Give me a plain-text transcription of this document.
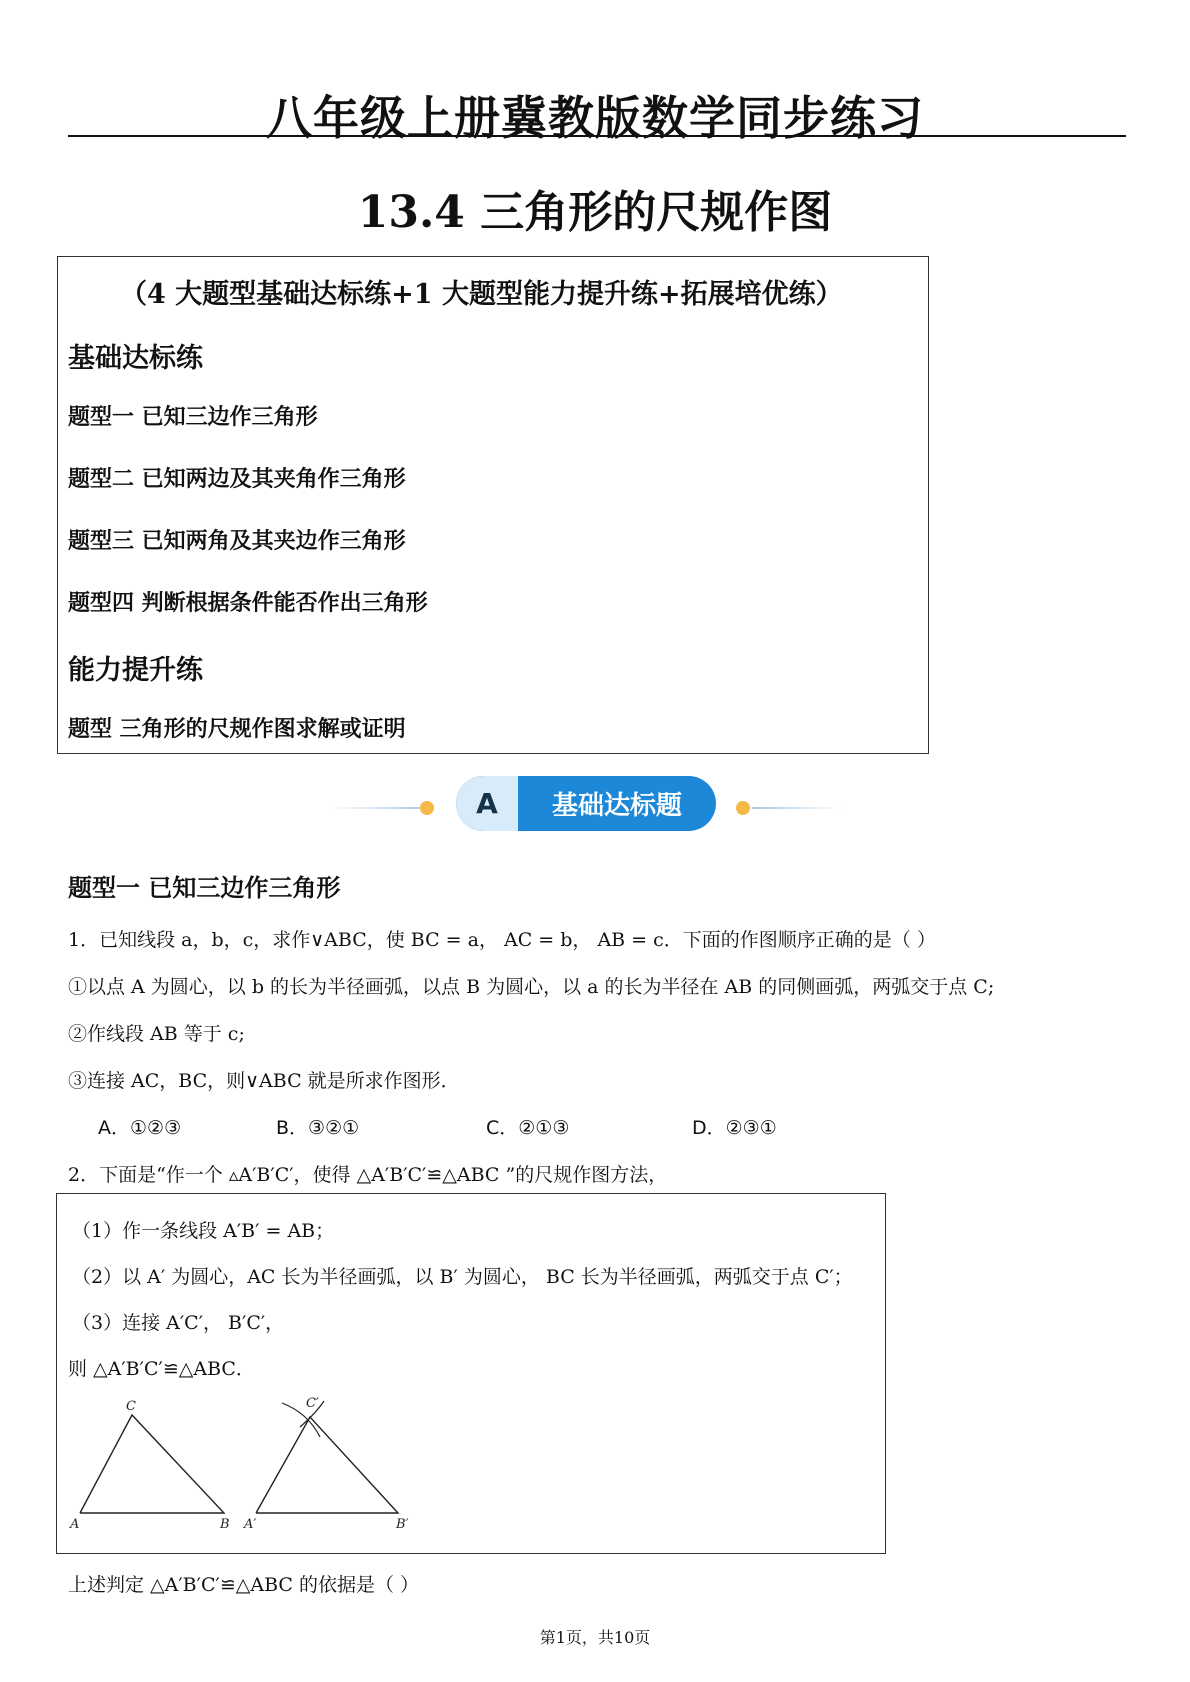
八年级上册冀教版数学同步练习
13.4 三角形的尺规作图
（4 大题型基础达标练+1 大题型能力提升练+拓展培优练）
基础达标练
题型一 已知三边作三角形
题型二 已知两边及其夹角作三角形
题型三 已知两角及其夹边作三角形
题型四 判断根据条件能否作出三角形
能力提升练
题型 三角形的尺规作图求解或证明
A	基础达标题
题型一 已知三边作三角形
1．已知线段 a，b，c，求作∨ABC，使 BC = a， AC = b， AB = c．下面的作图顺序正确的是（ ）
①以点 A 为圆心，以 b 的长为半径画弧，以点 B 为圆心，以 a 的长为半径在 AB 的同侧画弧，两弧交于点 C;
②作线段 AB 等于 c;
③连接 AC，BC，则∨ABC 就是所求作图形．
A．①②③	B．③②①	C．②①③	D．②③①
2．下面是“作一个 ▵A′B′C′，使得 △A′B′C′≌△ABC ”的尺规作图方法，
（1）作一条线段 A′B′ = AB；
（2）以 A′ 为圆心，AC 长为半径画弧，以 B′ 为圆心， BC 长为半径画弧，两弧交于点 C′；
（3）连接 A′C′， B′C′，
则 △A′B′C′≌△ABC．
A	B
C
A′	B′
C′
上述判定 △A′B′C′≌△ABC 的依据是（ ）
第1页，共10页
